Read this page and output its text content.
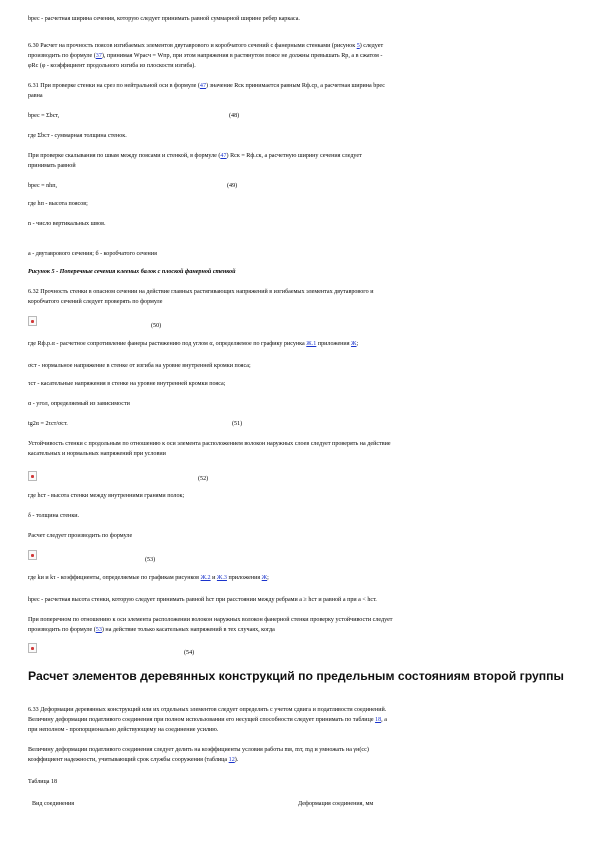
bрес - расчетная ширина сечения, которую следует принимать равной суммарной ширине ребер каркаса.
6.30 Расчет на прочность поясов изгибаемых элементов двутаврового и коробчатого сечений с фанерными стенками (рисунок 5) следует
производить по формуле (37), принимая Wрасч = Wпр, при этом напряжения в растянутом поясе не должны превышать Rр, а в сжатом -
φRс (φ - коэффициент продольного изгиба из плоскости изгиба).
6.31 При проверке стенки на срез по нейтральной оси в формуле (47) значение Rск принимается равным Rф.ср, а расчетная ширина bрес
равна
bрес = Σbст,	(48)
где Σbст - суммарная толщина стенок.
При проверке скалывания по швам между поясами и стенкой, в формуле (47) Rск = Rф.ск, а расчетную ширину сечения следует
принимать равной
bрес = nhп,	(49)
где hп - высота поясов;
n - число вертикальных швов.
а - двутаврового сечения; б - коробчатого сечения
Рисунок 5 - Поперечные сечения клееных балок с плоской фанерной стенкой
6.32 Прочность стенки в опасном сечении на действие главных растягивающих напряжений в изгибаемых элементах двутаврового и
коробчатого сечений следует проверять по формуле
(50)
где Rф.р.α - расчетное сопротивление фанеры растяжению под углом α, определяемое по графику рисунка Ж.1 приложения Ж;
σст - нормальное напряжение в стенке от изгиба на уровне внутренней кромки пояса;
τст - касательные напряжения в стенке на уровне внутренней кромки пояса;
α - угол, определяемый из зависимости
tg2α = 2τст/σст.	(51)
Устойчивость стенки с продольным по отношению к оси элемента расположением волокон наружных слоев следует проверять на действие
касательных и нормальных напряжений при условии
(52)
где hст - высота стенки между внутренними гранями полок;
δ - толщина стенки.
Расчет следует производить по формуле
(53)
где kи и kτ - коэффициенты, определяемые по графикам рисунков Ж.2 и Ж.3 приложения Ж;
hрес - расчетная высота стенки, которую следует принимать равной hст при расстоянии между ребрами а ≥ hст и равной а при а < hст.
При поперечном по отношению к оси элемента расположении волокон наружных волокон фанерной стенки проверку устойчивости следует
производить по формуле (53) на действие только касательных напряжений в тех случаях, когда
(54)
Расчет элементов деревянных конструкций по предельным состояниям второй группы
6.33 Деформации деревянных конструкций или их отдельных элементов следует определять с учетом сдвига и податливости соединений.
Величину деформации податливого соединения при полном использовании его несущей способности следует принимать по таблице 18, а
при неполном - пропорционально действующему на соединение усилию.
Величину деформации податливого соединения следует делить на коэффициенты условия работы mв, mт, mд и умножать на γн(сс)
коэффициент надежности, учитывающий срок службы сооружения (таблица 12).
Таблица 18
Вид соединения	Деформация соединения, мм
